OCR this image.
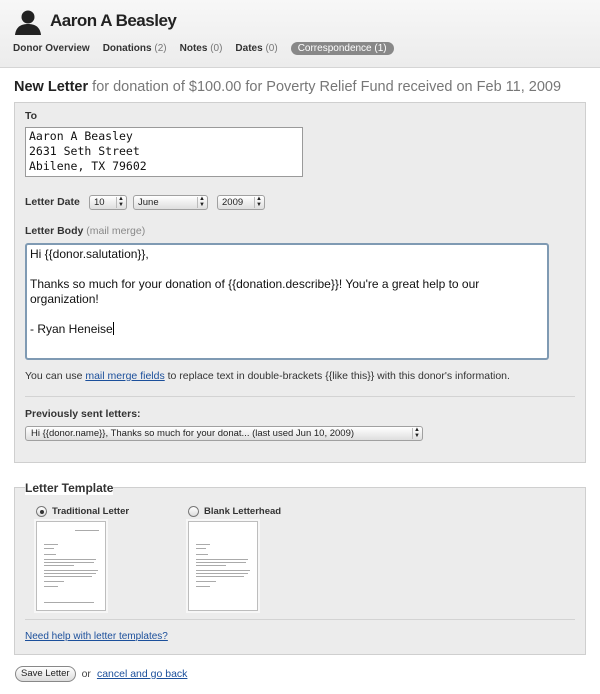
Aaron A Beasley
Donor Overview Donations (2) Notes (0) Dates (0)	Correspondence (1)
New Letter for donation of $100.00 for Poverty Relief Fund received on Feb 11, 2009
To
Aaron A Beasley
2631 Seth Street
Abilene, TX 79602
Letter Date	10	▲
▼	June	▲
▼	2009	▲
▼
Letter Body (mail merge)
Hi {{donor.salutation}},

Thanks so much for your donation of {{donation.describe}}! You're a great help to our organization!

- Ryan Heneise
You can use mail merge fields to replace text in double-brackets {{like this}} with this donor's information.
Previously sent letters:
Hi {{donor.name}}, Thanks so much for your donat... (last used Jun 10, 2009)	▲
▼
Letter Template
Traditional Letter	Blank Letterhead
Need help with letter templates?
Save Letter	or cancel and go back
